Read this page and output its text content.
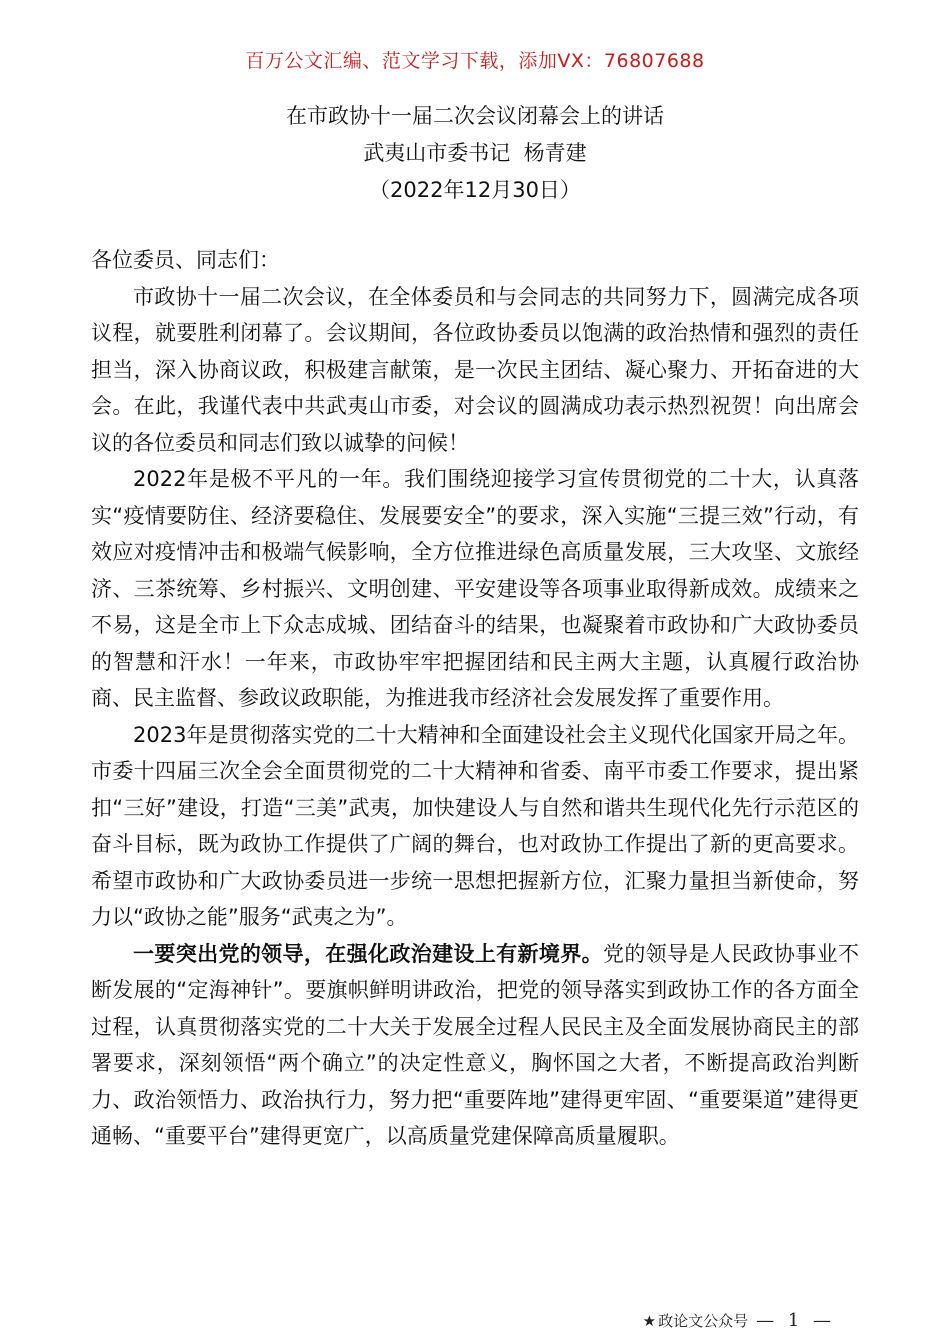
百万公文汇编、范文学习下载，添加VX：76807688
在市政协十一届二次会议闭幕会上的讲话
武夷山市委书记  杨青建
（2022年12月30日）

各位委员、同志们：

市政协十一届二次会议，在全体委员和与会同志的共同努力下，圆满完成各项议程，就要胜利闭幕了。会议期间，各位政协委员以饱满的政治热情和强烈的责任担当，深入协商议政，积极建言献策，是一次民主团结、凝心聚力、开拓奋进的大会。在此，我谨代表中共武夷山市委，对会议的圆满成功表示热烈祝贺！向出席会议的各位委员和同志们致以诚挚的问候！

2022年是极不平凡的一年。我们围绕迎接学习宣传贯彻党的二十大，认真落实“疫情要防住、经济要稳住、发展要安全”的要求，深入实施“三提三效”行动，有效应对疫情冲击和极端气候影响，全方位推进绿色高质量发展，三大攻坚、文旅经济、三茶统筹、乡村振兴、文明创建、平安建设等各项事业取得新成效。成绩来之不易，这是全市上下众志成城、团结奋斗的结果，也凝聚着市政协和广大政协委员的智慧和汗水！一年来，市政协牢牢把握团结和民主两大主题，认真履行政治协商、民主监督、参政议政职能，为推进我市经济社会发展发挥了重要作用。

2023年是贯彻落实党的二十大精神和全面建设社会主义现代化国家开局之年。市委十四届三次全会全面贯彻党的二十大精神和省委、南平市委工作要求，提出紧扣“三好”建设，打造“三美”武夷，加快建设人与自然和谐共生现代化先行示范区的奋斗目标，既为政协工作提供了广阔的舞台，也对政协工作提出了新的更高要求。希望市政协和广大政协委员进一步统一思想把握新方位，汇聚力量担当新使命，努力以“政协之能”服务“武夷之为”。

一要突出党的领导，在强化政治建设上有新境界。党的领导是人民政协事业不断发展的“定海神针”。要旗帜鲜明讲政治，把党的领导落实到政协工作的各方面全过程，认真贯彻落实党的二十大关于发展全过程人民民主及全面发展协商民主的部署要求，深刻领悟“两个确立”的决定性意义，胸怀国之大者，不断提高政治判断力、政治领悟力、政治执行力，努力把“重要阵地”建得更牢固、“重要渠道”建得更通畅、“重要平台”建得更宽广，以高质量党建保障高质量履职。

★ 政论文公众号 — 1 —
